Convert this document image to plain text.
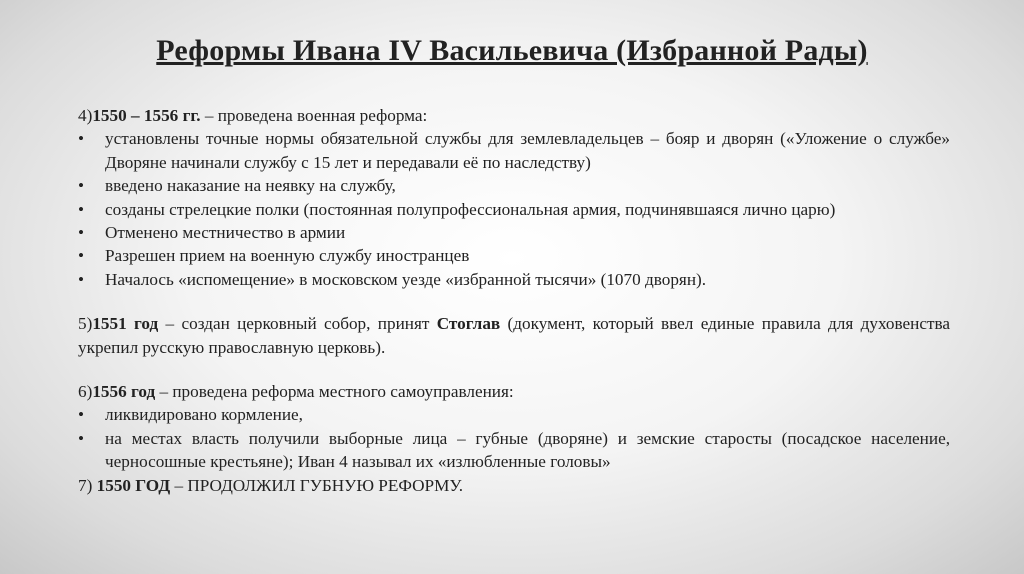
Реформы Ивана IV Васильевича (Избранной Рады)
4)1550 – 1556 гг. – проведена военная реформа:
•	установлены точные нормы обязательной службы для землевладельцев – бояр и дворян («Уложение о службе» Дворяне начинали службу с 15 лет и передавали её по наследству)
•	введено наказание на неявку на службу,
•	созданы стрелецкие полки (постоянная полупрофессиональная армия, подчинявшаяся лично царю)
•	Отменено местничество в армии
•	Разрешен прием на военную службу иностранцев
•	Началось «испомещение» в московском уезде «избранной тысячи» (1070 дворян).
5)1551 год – создан церковный собор, принят Стоглав (документ, который ввел единые правила для духовенства укрепил русскую православную церковь).
6)1556 год – проведена реформа местного самоуправления:
•	ликвидировано кормление,
•	на местах власть получили выборные лица – губные (дворяне) и земские старосты (посадское население, черносошные крестьяне); Иван 4 называл их «излюбленные головы»
7) 1550 ГОД – ПРОДОЛЖИЛ ГУБНУЮ РЕФОРМУ.
